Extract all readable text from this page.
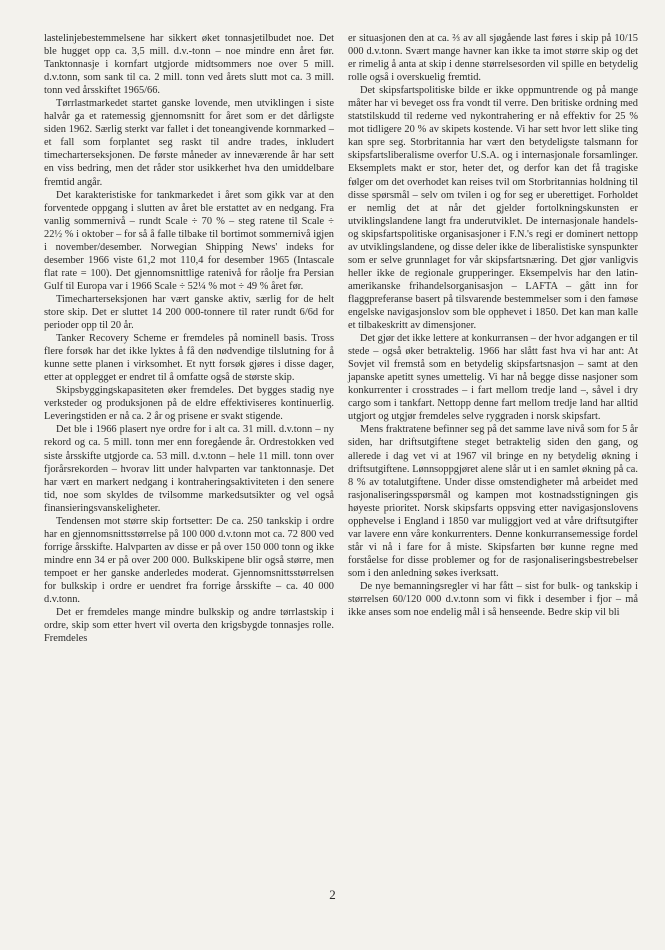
lastelinjebestemmelsene har sikkert øket tonnasjetilbudet noe. Det ble hugget opp ca. 3,5 mill. d.v.-tonn – noe mindre enn året før. Tanktonnasje i kornfart utgjorde midtsommers noe over 5 mill. d.v.tonn, som sank til ca. 2 mill. tonn ved årets slutt mot ca. 3 mill. tonn ved årsskiftet 1965/66.

Tørrlastmarkedet startet ganske lovende, men utviklingen i siste halvår ga et ratemessig gjennomsnitt for året som er det dårligste siden 1962. Særlig sterkt var fallet i det toneangivende kornmarked – et fall som forplantet seg raskt til andre trades, inkludert timecharterseksjonen. De første måneder av inneværende år har sett en viss bedring, men det råder stor usikkerhet hva den umiddelbare fremtid angår.

Det karakteristiske for tankmarkedet i året som gikk var at den forventede oppgang i slutten av året ble erstattet av en nedgang. Fra vanlig sommernivå – rundt Scale ÷ 70 % – steg ratene til Scale ÷ 22½ % i oktober – for så å falle tilbake til bortimot sommernivå igjen i november/desember. Norwegian Shipping News' indeks for desember 1966 viste 61,2 mot 110,4 for desember 1965 (Intascale flat rate = 100). Det gjennomsnittlige ratenivå for råolje fra Persian Gulf til Europa var i 1966 Scale ÷ 52¼ % mot ÷ 49 % året før.

Timecharterseksjonen har vært ganske aktiv, særlig for de helt store skip. Det er sluttet 14 200 000-tonnere til rater rundt 6/6d for perioder opp til 20 år.

Tanker Recovery Scheme er fremdeles på nominell basis. Tross flere forsøk har det ikke lyktes å få den nødvendige tilslutning for å kunne sette planen i virksomhet. Et nytt forsøk gjøres i disse dager, etter at opplegget er endret til å omfatte også de største skip.

Skipsbyggingskapasiteten øker fremdeles. Det bygges stadig nye verksteder og produksjonen på de eldre effektiviseres kontinuerlig. Leveringstiden er nå ca. 2 år og prisene er svakt stigende.

Det ble i 1966 plasert nye ordre for i alt ca. 31 mill. d.v.tonn – ny rekord og ca. 5 mill. tonn mer enn foregående år. Ordrestokken ved siste årsskifte utgjorde ca. 53 mill. d.v.tonn – hele 11 mill. tonn over fjorårsrekorden – hvorav litt under halvparten var tanktonnasje. Det har vært en markert nedgang i kontraheringsaktiviteten i den senere tid, noe som skyldes de tvilsomme markedsutsikter og vel også finansieringsvanskeligheter.

Tendensen mot større skip fortsetter: De ca. 250 tankskip i ordre har en gjennomsnittsstørrelse på 100 000 d.v.tonn mot ca. 72 800 ved forrige årsskifte. Halvparten av disse er på over 150 000 tonn og ikke mindre enn 34 er på over 200 000. Bulkskipene blir også større, men tempoet er her ganske anderledes moderat. Gjennomsnittsstørrelsen for bulkskip i ordre er uendret fra forrige årsskifte – ca. 40 000 d.v.tonn.

Det er fremdeles mange mindre bulkskip og andre tørrlastskip i ordre, skip som etter hvert vil overta den krigsbygde tonnasjes rolle. Fremdeles

er situasjonen den at ca. ⅔ av all sjøgående last føres i skip på 10/15 000 d.v.tonn. Svært mange havner kan ikke ta imot større skip og det er rimelig å anta at skip i denne størrelsesorden vil spille en betydelig rolle også i overskuelig fremtid.

Det skipsfartspolitiske bilde er ikke oppmuntrende og på mange måter har vi beveget oss fra vondt til verre. Den britiske ordning med statstilskudd til rederne ved nykontrahering er nå effektiv for 25 % mot tidligere 20 % av skipets kostende. Vi har sett hvor lett slike ting kan spre seg. Storbritannia har vært den betydeligste talsmann for skipsfartsliberalisme overfor U.S.A. og i internasjonale forsamlinger. Eksemplets makt er stor, heter det, og derfor kan det få tragiske følger om det overhodet kan reises tvil om Storbritannias holdning til disse spørsmål – selv om tvilen i og for seg er uberettiget. Forholdet er nemlig det at når det gjelder fortolkningskunsten er utviklingslandene langt fra underutviklet. De internasjonale handels- og skipsfartspolitiske organisasjoner i F.N.'s regi er dominert nettopp av utviklingslandene, og disse deler ikke de liberalistiske synspunkter som er selve grunnlaget for vår skipsfartsnæring. Det gjør vanligvis heller ikke de regionale grupperinger. Eksempelvis har den latin-amerikanske frihandelsorganisasjon – LAFTA – gått inn for flaggpreferanse basert på tilsvarende bestemmelser som i den famøse engelske navigasjonslov som ble opphevet i 1850. Det kan man kalle et tilbakeskritt av dimensjoner.

Det gjør det ikke lettere at konkurransen – der hvor adgangen er til stede – også øker betraktelig. 1966 har slått fast hva vi har ant: At Sovjet vil fremstå som en betydelig skipsfartsnasjon – samt at den japanske apetitt synes umettelig. Vi har nå begge disse nasjoner som konkurrenter i crosstrades – i fart mellom tredje land –, såvel i dry cargo som i tankfart. Nettopp denne fart mellom tredje land har alltid utgjort og utgjør fremdeles selve ryggraden i norsk skipsfart.

Mens fraktratene befinner seg på det samme lave nivå som for 5 år siden, har driftsutgiftene steget betraktelig siden den gang, og allerede i dag vet vi at 1967 vil bringe en ny betydelig økning i driftsutgiftene. Lønnsoppgjøret alene slår ut i en samlet økning på ca. 8 % av totalutgiftene. Under disse omstendigheter må arbeidet med rasjonaliseringsspørsmål og kampen mot kostnadsstigningen gis høyeste prioritet. Norsk skipsfarts oppsving etter navigasjonslovens opphevelse i England i 1850 var muliggjort ved at våre driftsutgifter var lavere enn våre konkurrenters. Denne konkurransemessige fordel står vi nå i fare for å miste. Skipsfarten bør kunne regne med forståelse for disse problemer og for de rasjonaliseringsbestrebelser som i den anledning søkes iverksatt.

De nye bemanningsregler vi har fått – sist for bulk- og tankskip i størrelsen 60/120 000 d.v.tonn som vi fikk i desember i fjor – må ikke anses som noe endelig mål i så henseende. Bedre skip vil bli

2
